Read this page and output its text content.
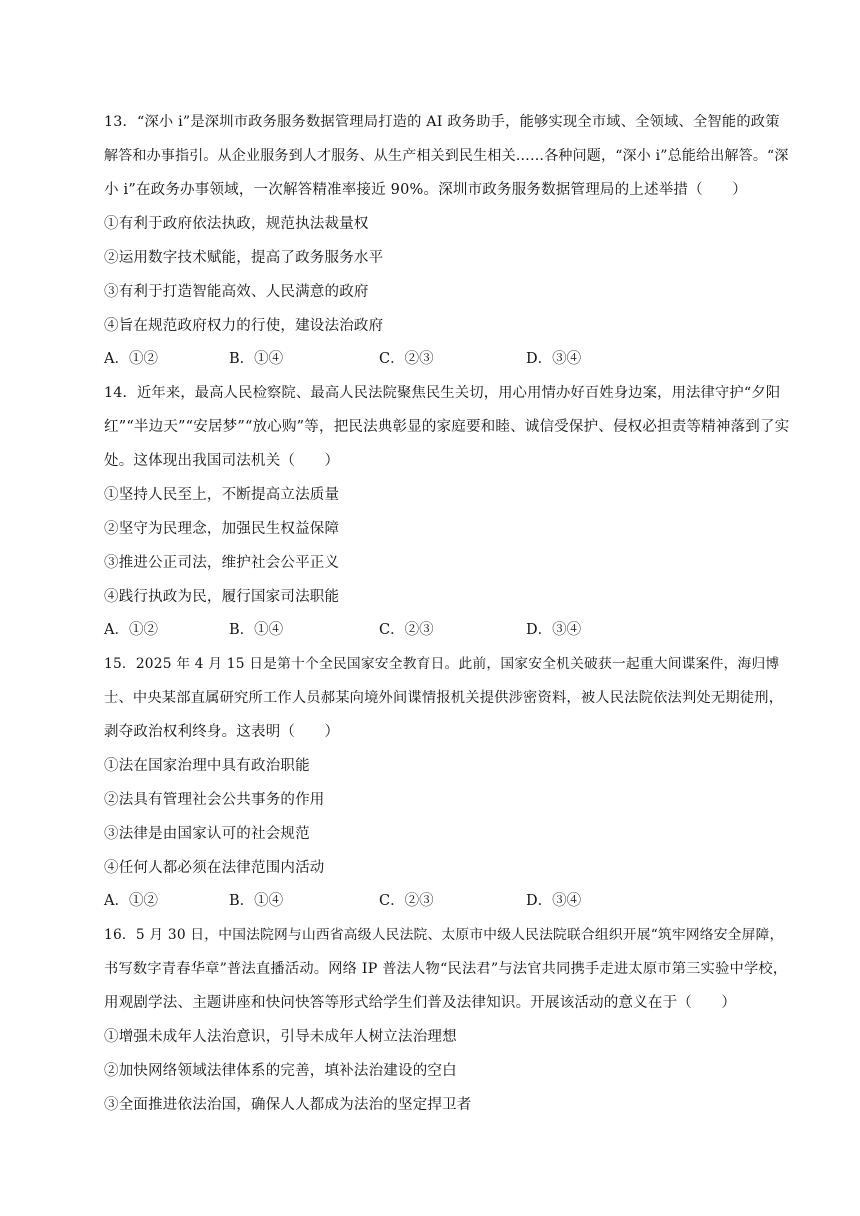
13．“深小 i”是深圳市政务服务数据管理局打造的 AI 政务助手，能够实现全市域、全领域、全智能的政策
解答和办事指引。从企业服务到人才服务、从生产相关到民生相关……各种问题，“深小 i”总能给出解答。“深
小 i”在政务办事领域，一次解答精准率接近 90%。深圳市政务服务数据管理局的上述举措（　　）
①有利于政府依法执政，规范执法裁量权
②运用数字技术赋能，提高了政务服务水平
③有利于打造智能高效、人民满意的政府
④旨在规范政府权力的行使，建设法治政府
A．①②	B．①④	C．②③	D．③④
14．近年来，最高人民检察院、最高人民法院聚焦民生关切，用心用情办好百姓身边案，用法律守护“夕阳
红”“半边天”“安居梦”“放心购”等，把民法典彰显的家庭要和睦、诚信受保护、侵权必担责等精神落到了实
处。这体现出我国司法机关（　　）
①坚持人民至上，不断提高立法质量
②坚守为民理念，加强民生权益保障
③推进公正司法，维护社会公平正义
④践行执政为民，履行国家司法职能
A．①②	B．①④	C．②③	D．③④
15．2025 年 4 月 15 日是第十个全民国家安全教育日。此前，国家安全机关破获一起重大间谍案件，海归博
士、中央某部直属研究所工作人员郝某向境外间谍情报机关提供涉密资料，被人民法院依法判处无期徒刑，
剥夺政治权利终身。这表明（　　）
①法在国家治理中具有政治职能
②法具有管理社会公共事务的作用
③法律是由国家认可的社会规范
④任何人都必须在法律范围内活动
A．①②	B．①④	C．②③	D．③④
16．5 月 30 日，中国法院网与山西省高级人民法院、太原市中级人民法院联合组织开展“筑牢网络安全屏障，
书写数字青春华章”普法直播活动。网络 IP 普法人物“民法君”与法官共同携手走进太原市第三实验中学校，
用观剧学法、主题讲座和快问快答等形式给学生们普及法律知识。开展该活动的意义在于（　　）
①增强未成年人法治意识，引导未成年人树立法治理想
②加快网络领域法律体系的完善，填补法治建设的空白
③全面推进依法治国，确保人人都成为法治的坚定捍卫者
